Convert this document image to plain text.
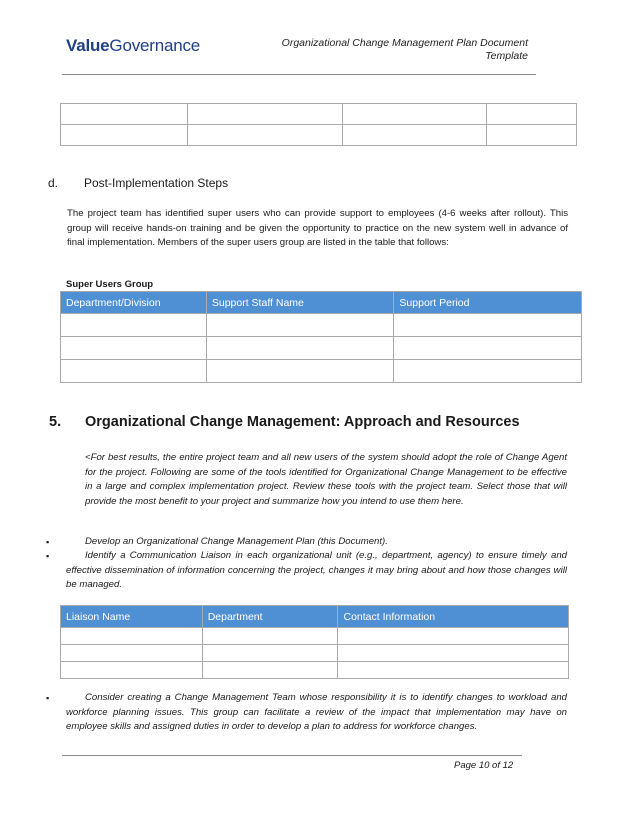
ValueGovernance	Organizational Change Management Plan Document
Template

d. Post-Implementation Steps
The project team has identified super users who can provide support to employees (4-6 weeks after rollout). This group will receive hands-on training and be given the opportunity to practice on the new system well in advance of final implementation. Members of the super users group are listed in the table that follows:
Super Users Group
Department/Division	Support Staff Name	Support Period

5. Organizational Change Management: Approach and Resources
<For best results, the entire project team and all new users of the system should adopt the role of Change Agent for the project. Following are some of the tools identified for Organizational Change Management to be effective in a large and complex implementation project. Review these tools with the project team. Select those that will provide the most benefit to your project and summarize how you intend to use them here.
▪	Develop an Organizational Change Management Plan (this Document).
▪	Identify a Communication Liaison in each organizational unit (e.g., department, agency) to ensure timely and effective dissemination of information concerning the project, changes it may bring about and how those changes will be managed.
Liaison Name	Department	Contact Information

▪	Consider creating a Change Management Team whose responsibility it is to identify changes to workload and workforce planning issues. This group can facilitate a review of the impact that implementation may have on employee skills and assigned duties in order to develop a plan to address for workforce changes.
Page 10 of 12
